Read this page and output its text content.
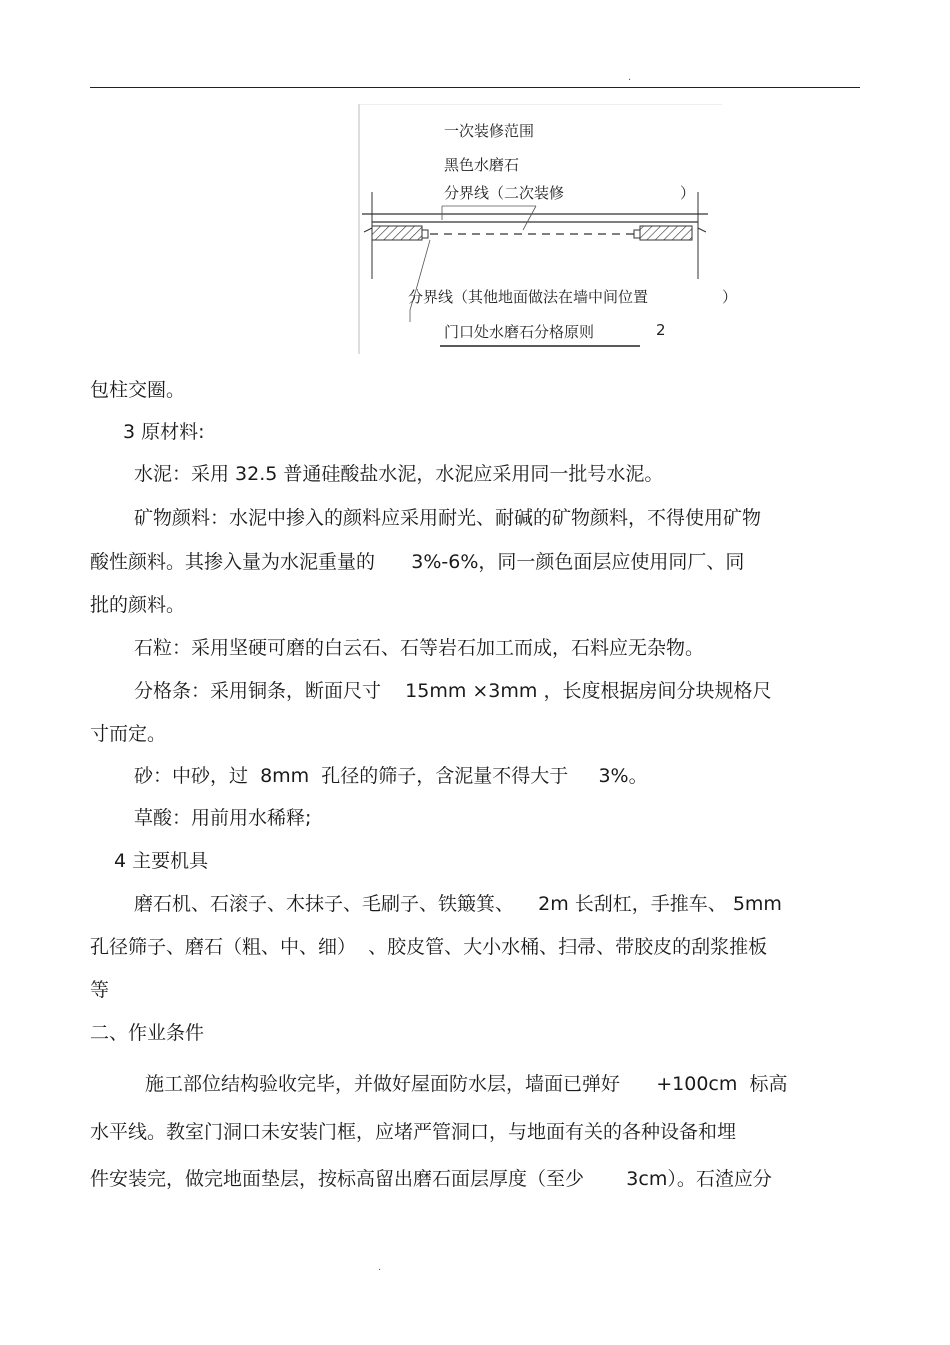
.
一次装修范围
黑色水磨石
分界线（二次装修	）
分界线（其他地面做法在墙中间位置	）
门口处水磨石分格原则	2
包柱交圈。
3 原材料:
水泥：采用 32.5 普通硅酸盐水泥，水泥应采用同一批号水泥。
矿物颜料：水泥中掺入的颜料应采用耐光、耐碱的矿物颜料，不得使用矿物
酸性颜料。其掺入量为水泥重量的      3%-6%，同一颜色面层应使用同厂、同
批的颜料。
石粒：采用坚硬可磨的白云石、石等岩石加工而成，石料应无杂物。
分格条：采用铜条，断面尺寸    15mm ×3mm ，长度根据房间分块规格尺
寸而定。
砂：中砂，过  8mm  孔径的筛子，含泥量不得大于     3%。
草酸：用前用水稀释;
4 主要机具
磨石机、石滚子、木抹子、毛刷子、铁簸箕、    2m 长刮杠，手推车、 5mm
孔径筛子、磨石（粗、中、细）  、胶皮管、大小水桶、扫帚、带胶皮的刮浆推板
等
二、作业条件
施工部位结构验收完毕，并做好屋面防水层，墙面已弹好      +100cm  标高
水平线。教室门洞口未安装门框，应堵严管洞口，与地面有关的各种设备和埋
件安装完，做完地面垫层，按标高留出磨石面层厚度（至少       3cm）。石渣应分
.
